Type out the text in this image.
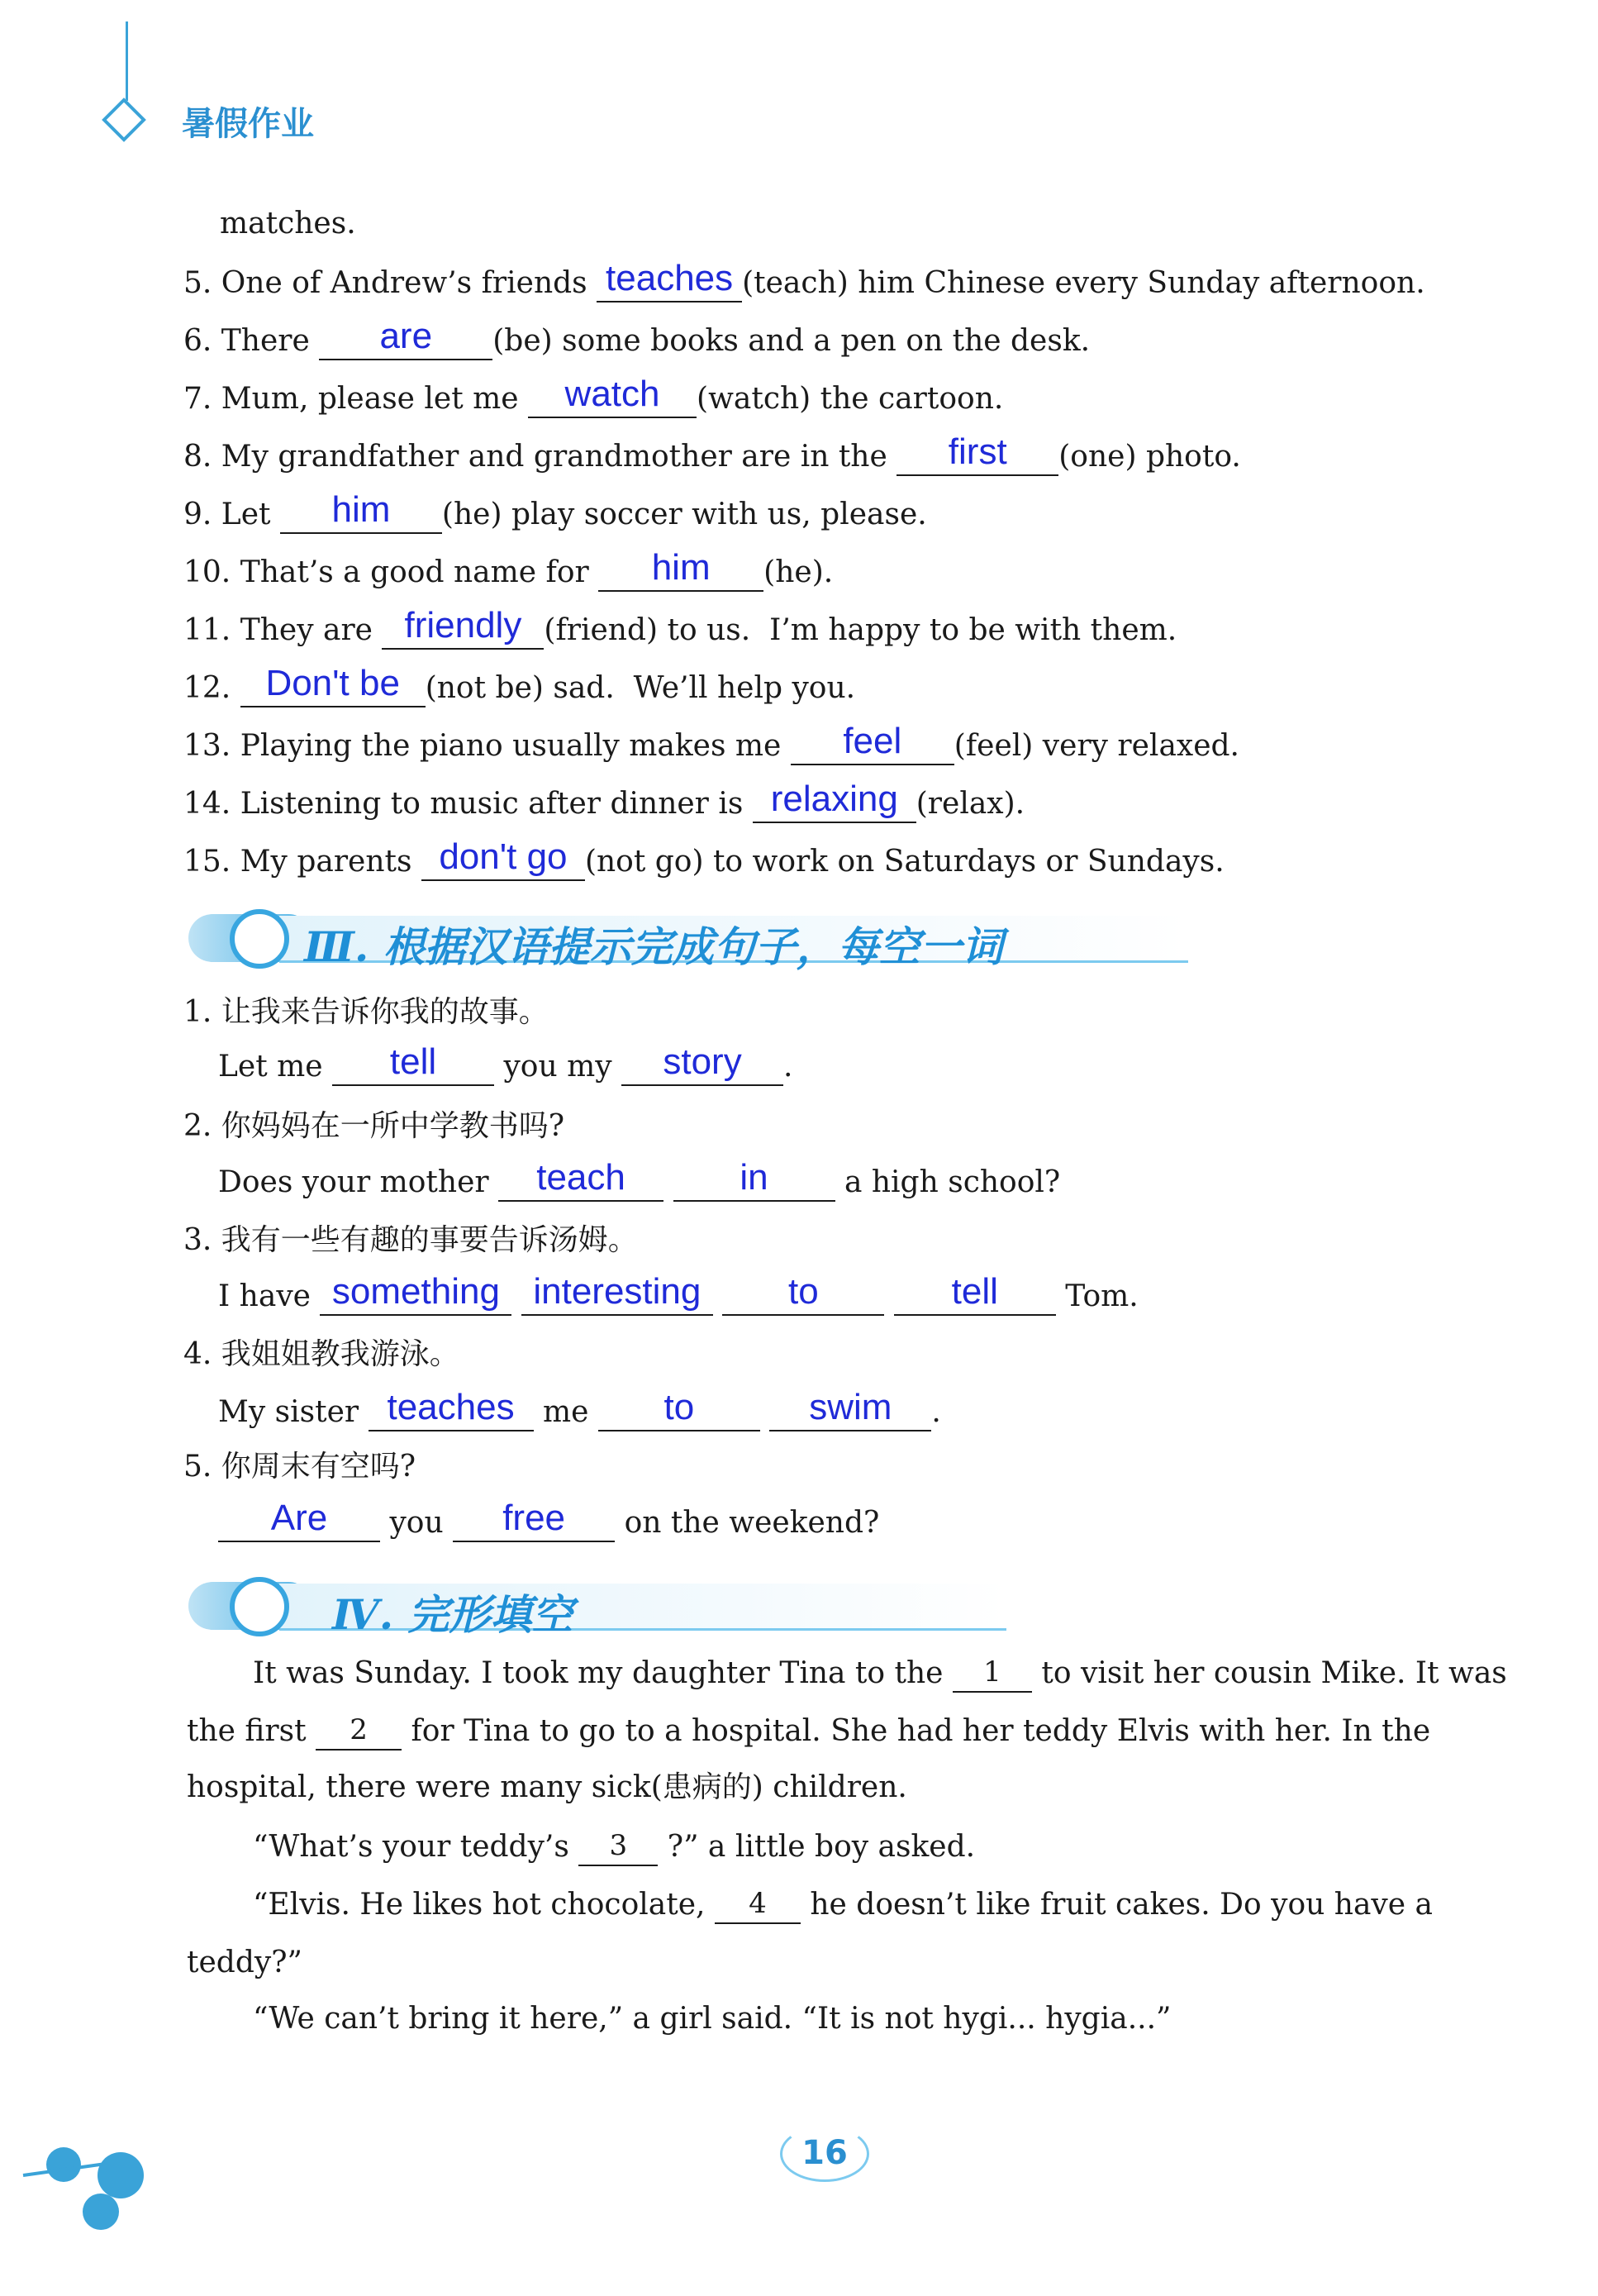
暑假作业
matches.
5. One of Andrew’s friends teaches (teach) him Chinese every Sunday afternoon.
6. There	are	(be) some books and a pen on the desk.
7. Mum, please let me	watch	(watch) the cartoon.
8. My grandfather and grandmother are in the	first	(one) photo.
9. Let	him	(he) play soccer with us, please.
10. That’s a good name for	him	(he).
11. They are friendly (friend) to us.  I’m happy to be with them.
12. Don't be (not be) sad.  We’ll help you.
13. Playing the piano usually makes me	feel	(feel) very relaxed.
14. Listening to music after dinner is relaxing (relax).
15. My parents don't go (not go) to work on Saturdays or Sundays.
Ⅲ. 根据汉语提示完成句子，每空一词
1. 让我来告诉你我的故事。
Let me	tell	you my	story	.
2. 你妈妈在一所中学教书吗?
Does your mother	teach
	in	a high school?
3. 我有一些有趣的事要告诉汤姆。
I have something
interesting
	to
	tell	Tom.
4. 我姐姐教我游泳。
My sister teaches me	to
	swim	.
5. 你周末有空吗?
Are	you	free	on the weekend?
Ⅳ. 完形填空
It was Sunday. I took my daughter Tina to the 1 to visit her cousin Mike. It was
the first 2 for Tina to go to a hospital. She had her teddy Elvis with her. In the
hospital, there were many sick(患病的) children.
“What’s your teddy’s 3 ?” a little boy asked.
“Elvis. He likes hot chocolate, 4 he doesn’t like fruit cakes. Do you have a
teddy?”
“We can’t bring it here,” a girl said. “It is not hygi... hygia...”
16
